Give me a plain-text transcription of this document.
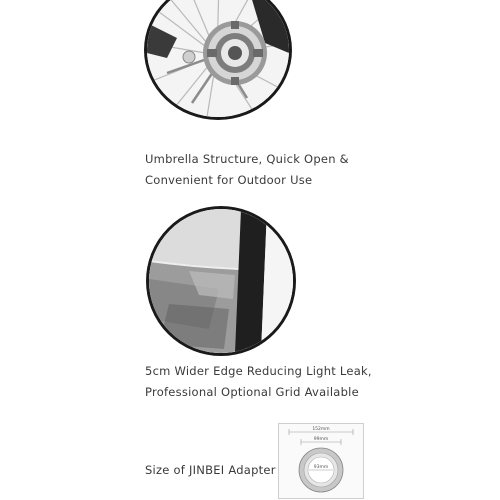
Umbrella Structure, Quick Open &
Convenient for Outdoor Use
5cm Wider Edge Reducing Light Leak,
Professional Optional Grid Available
Size of JINBEI Adapter
152mm
99mm
93mm
